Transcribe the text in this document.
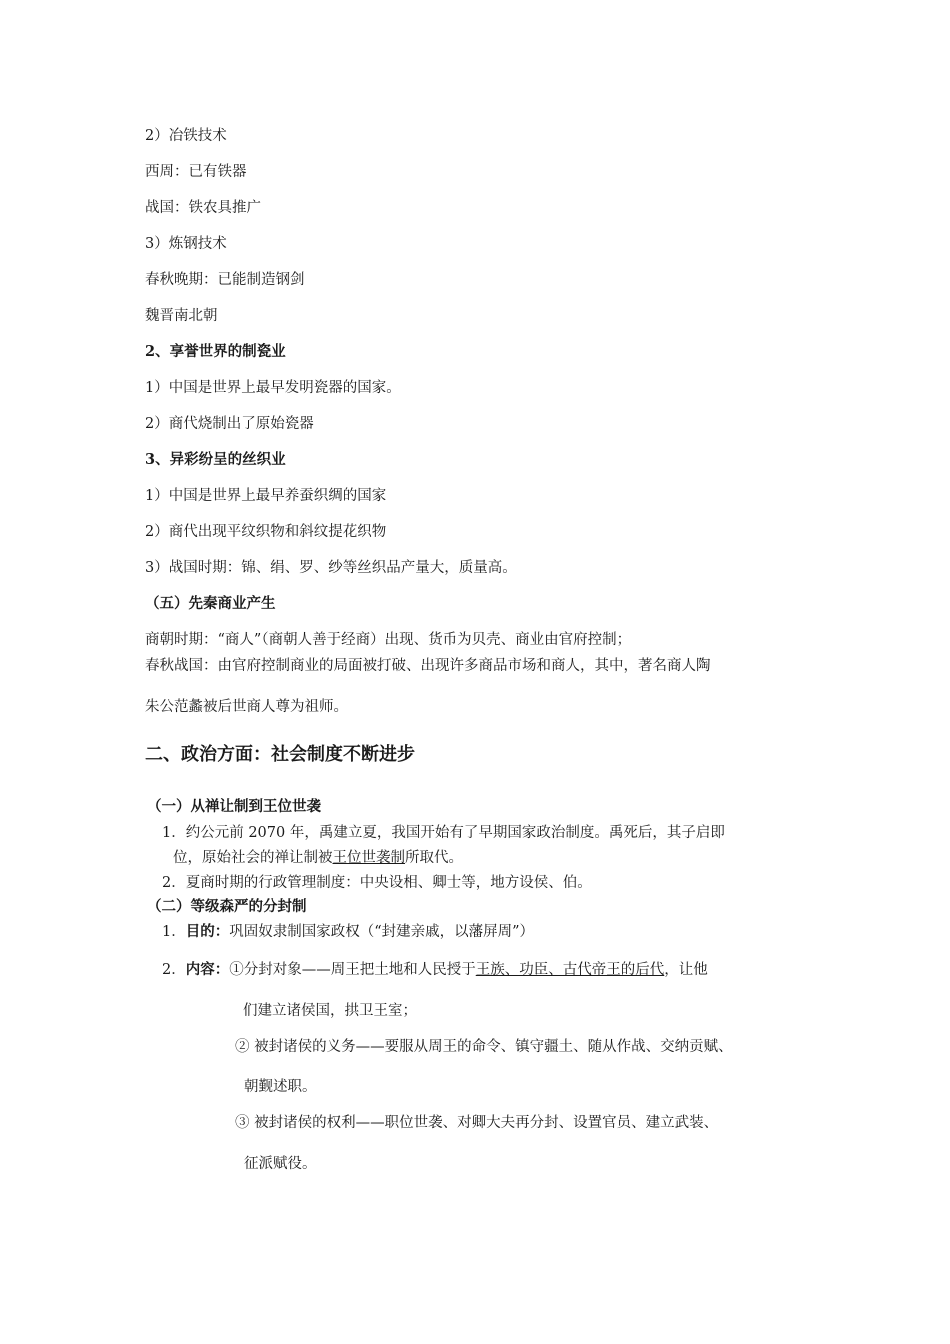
2）冶铁技术
西周：已有铁器
战国：铁农具推广
3）炼钢技术
春秋晚期：已能制造钢剑
魏晋南北朝
2、享誉世界的制瓷业
1）中国是世界上最早发明瓷器的国家。
2）商代烧制出了原始瓷器
3、异彩纷呈的丝织业
1）中国是世界上最早养蚕织绸的国家
2）商代出现平纹织物和斜纹提花织物
3）战国时期：锦、绢、罗、纱等丝织品产量大，质量高。
（五）先秦商业产生
商朝时期：“商人”（商朝人善于经商）出现、货币为贝壳、商业由官府控制；
春秋战国：由官府控制商业的局面被打破、出现许多商品市场和商人，其中，著名商人陶
朱公范蠡被后世商人尊为祖师。
二、政治方面：社会制度不断进步
（一）从禅让制到王位世袭
1．约公元前 2070 年，禹建立夏，我国开始有了早期国家政治制度。禹死后，其子启即
位，原始社会的禅让制被王位世袭制所取代。
2．夏商时期的行政管理制度：中央设相、卿士等，地方设侯、伯。
（二）等级森严的分封制
1．目的：巩固奴隶制国家政权（“封建亲戚，以藩屏周”）
2．内容：①分封对象——周王把土地和人民授于王族、功臣、古代帝王的后代，让他
们建立诸侯国，拱卫王室；
② 被封诸侯的义务——要服从周王的命令、镇守疆土、随从作战、交纳贡赋、
朝觐述职。
③ 被封诸侯的权利——职位世袭、对卿大夫再分封、设置官员、建立武装、
征派赋役。
